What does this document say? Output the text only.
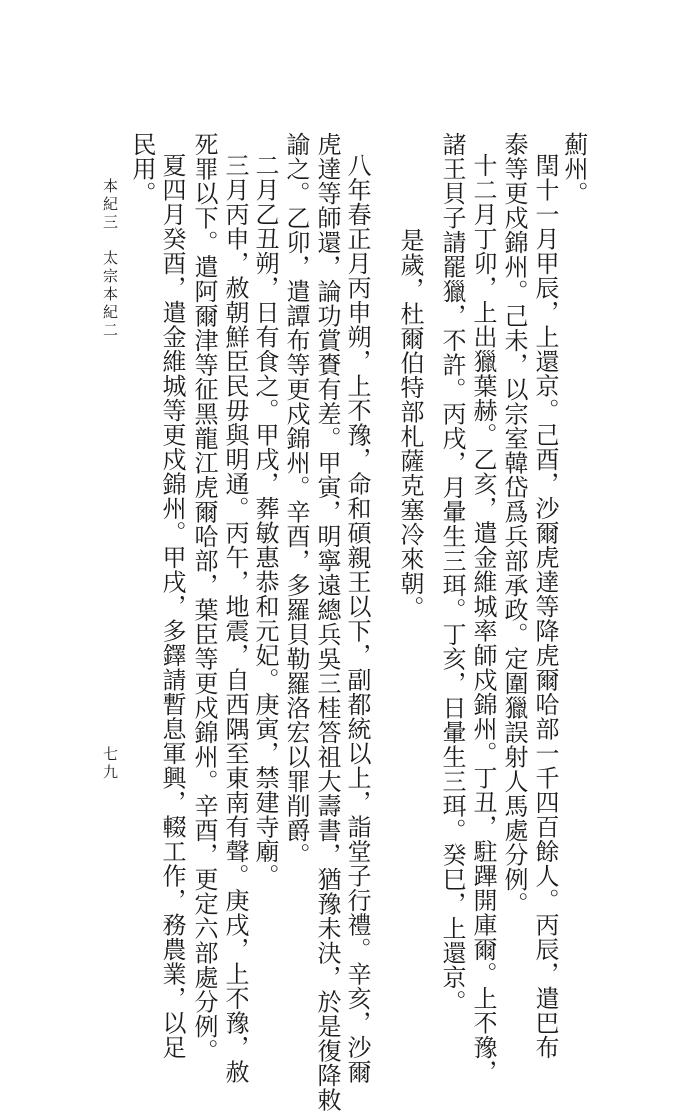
薊州。
閏十一月甲辰，上還京。己酉，沙爾虎達等降虎爾哈部一千四百餘人。丙辰，遣巴布
泰等更戍錦州。己未，以宗室韓岱爲兵部承政。定圍獵誤射人馬處分例。
十二月丁卯，上出獵葉赫。乙亥，遣金維城率師戍錦州。丁丑，駐蹕開庫爾。上不豫，
諸王貝子請罷獵，不許。丙戌，月暈生三珥。丁亥，日暈生三珥。癸巳，上還京。
是歲，杜爾伯特部札薩克塞冷來朝。
八年春正月丙申朔，上不豫，命和碩親王以下，副都統以上，詣堂子行禮。辛亥，沙爾
虎達等師還，論功賞賚有差。甲寅，明寧遠總兵吳三桂答祖大壽書，猶豫未決，於是復降敕
諭之。乙卯，遣譚布等更戍錦州。辛酉，多羅貝勒羅洛宏以罪削爵。
二月乙丑朔，日有食之。甲戌，葬敏惠恭和元妃。庚寅，禁建寺廟。
三月丙申，赦朝鮮臣民毋與明通。丙午，地震，自西隅至東南有聲。庚戌，上不豫，赦
死罪以下。遣阿爾津等征黑龍江虎爾哈部，葉臣等更戍錦州。辛酉，更定六部處分例。
夏四月癸酉，遣金維城等更戍錦州。甲戌，多鐸請暫息軍興，輟工作，務農業，以足
民用。
本紀三　太宗本紀二
七九
